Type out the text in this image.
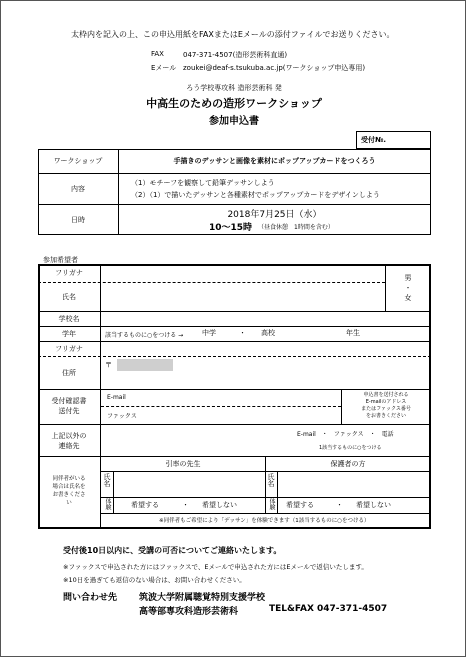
太枠内を記入の上、この申込用紙をFAXまたはEメールの添付ファイルでお送りください。
FAX	047-371-4507(造形芸術科直通)
Eメール zoukei@deaf-s.tsukuba.ac.jp(ワークショップ申込専用)
ろう学校専攻科 造形芸術科 発
中高生のための造形ワークショップ
参加申込書
受付№.
ワークショップ	手描きのデッサンと画像を素材にポップアップカードをつくろう
内容
（1）モチーフを観察して鉛筆デッサンしよう
（2）（1）で描いたデッサンと各種素材でポップアップカードをデザインしよう
日時	2018年7月25日（水）
10～15時 （昼食休憩　1時間を含む）
参加希望者
フリガナ
氏名
男
・
女
学校名
学年	該当するものに○をつける →	中学	・ 高校	年生
フリガナ
住所
〒
受付確認書
送付先
E-mail
ファックス
申込書を送付される
E-mailのアドレス
またはファックス番号
をお書きください
上記以外の
連絡先
E-mail　・　ファックス　・　電話
1該当するものに○をつける
同伴者がいる
場合は氏名を
お書きくださ
い
引率の先生	保護者の方
氏名	氏名
体験	体験
希望する	・ 希望しない	希望する	・ 希望しない
※同伴者もご希望により「デッサン」を体験できます（1該当するものに○をつける）
受付後10日以内に、受講の可否についてご連絡いたします。
※ファックスで申込された方にはファックスで、Eメールで申込された方にはEメールで返信いたします。
※10日を過ぎても返信のない場合は、お問い合わせください。
問い合わせ先 筑波大学附属聴覚特別支援学校
高等部専攻科造形芸術科	TEL&FAX 047-371-4507
